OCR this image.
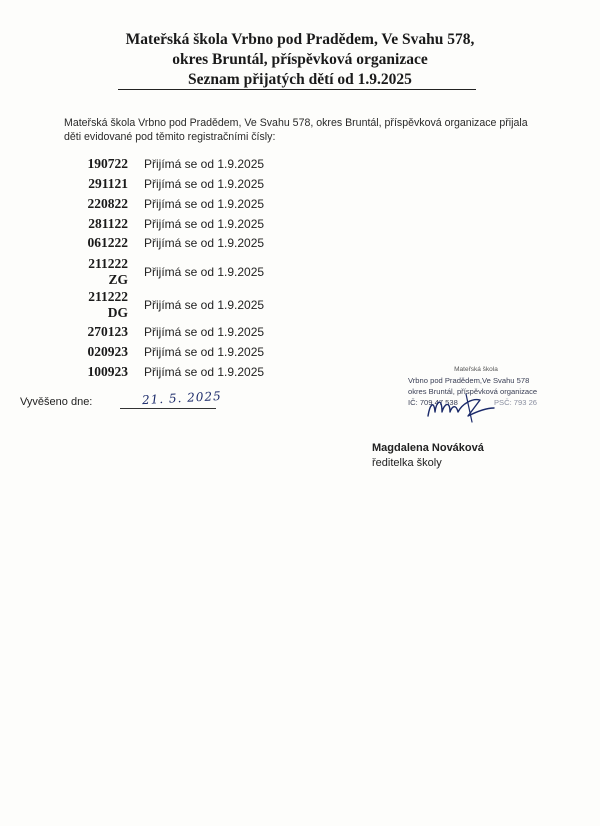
Mateřská škola Vrbno pod Pradědem, Ve Svahu 578,
okres Bruntál, příspěvková organizace
Seznam přijatých dětí od 1.9.2025
Mateřská škola Vrbno pod Pradědem, Ve Svahu 578, okres Bruntál, příspěvková organizace přijala
děti evidované pod těmito registračními čísly:
190722 Přijímá se od 1.9.2025
291121 Přijímá se od 1.9.2025
220822 Přijímá se od 1.9.2025
281122 Přijímá se od 1.9.2025
061222 Přijímá se od 1.9.2025
211222
ZG Přijímá se od 1.9.2025
211222
DG Přijímá se od 1.9.2025
270123 Přijímá se od 1.9.2025
020923 Přijímá se od 1.9.2025
100923 Přijímá se od 1.9.2025
Vyvěšeno dne:	21. 5. 2025
Mateřská škola
Vrbno pod Pradědem,Ve Svahu 578
okres Bruntál, příspěvková organizace
IČ: 709 47 538	PSČ: 793 26
Magdalena Nováková
ředitelka školy
